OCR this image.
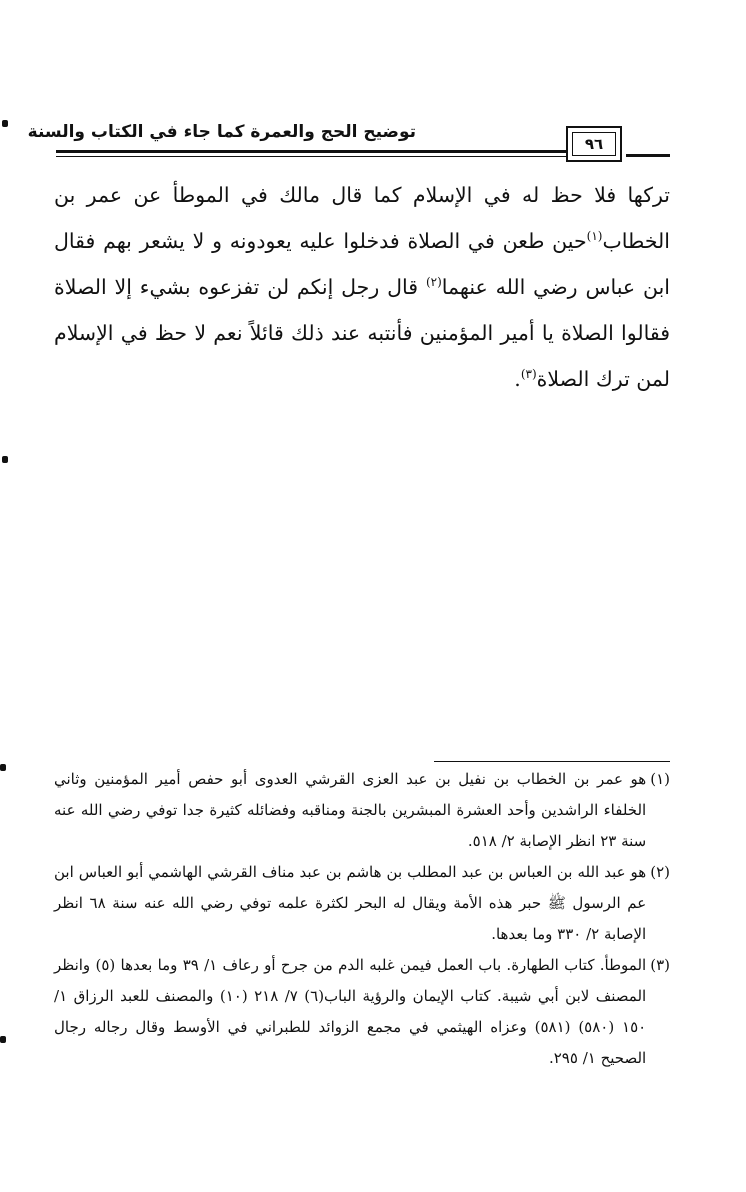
توضيح الحج والعمرة كما جاء في الكتاب والسنة
٩٦

تركها فلا حظ له في الإسلام كما قال مالك في الموطأ عن عمر بن الخطاب$^{(١)}$حين طعن في الصلاة فدخلوا عليه يعودونه و لا يشعر بهم فقال ابن عباس رضي الله عنهما$^{(٢)}$ قال رجل إنكم لن تفزعوه بشيء إلا الصلاة فقالوا الصلاة يا أمير المؤمنين فأنتبه عند ذلك قائلاً نعم لا حظ في الإسلام لمن ترك الصلاة$^{(٣)}$.

(١)
هو عمر بن الخطاب بن نفيل بن عبد العزى القرشي العدوى أبو حفص أمير المؤمنين وثاني الخلفاء الراشدين وأحد العشرة المبشرين بالجنة ومناقبه وفضائله كثيرة جدا توفي رضي الله عنه سنة ٢٣ انظر الإصابة ٢/ ٥١٨.
(٢)
هو عبد الله بن العباس بن عبد المطلب بن هاشم بن عبد مناف القرشي الهاشمي أبو العباس ابن عم الرسول ﷺ حبر هذه الأمة ويقال له البحر لكثرة علمه توفي رضي الله عنه سنة ٦٨ انظر الإصابة ٢/ ٣٣٠ وما بعدها.
(٣)
الموطأ. كتاب الطهارة. باب العمل فيمن غلبه الدم من جرح أو رعاف ١/ ٣٩ وما بعدها (٥) وانظر المصنف لابن أبي شيبة. كتاب الإيمان والرؤية الباب(٦) ٧/ ٢١٨ (١٠) والمصنف للعبد الرزاق ١/ ١٥٠ (٥٨٠) (٥٨١) وعزاه الهيثمي في مجمع الزوائد للطبراني في الأوسط وقال رجاله رجال الصحيح ١/ ٢٩٥.
